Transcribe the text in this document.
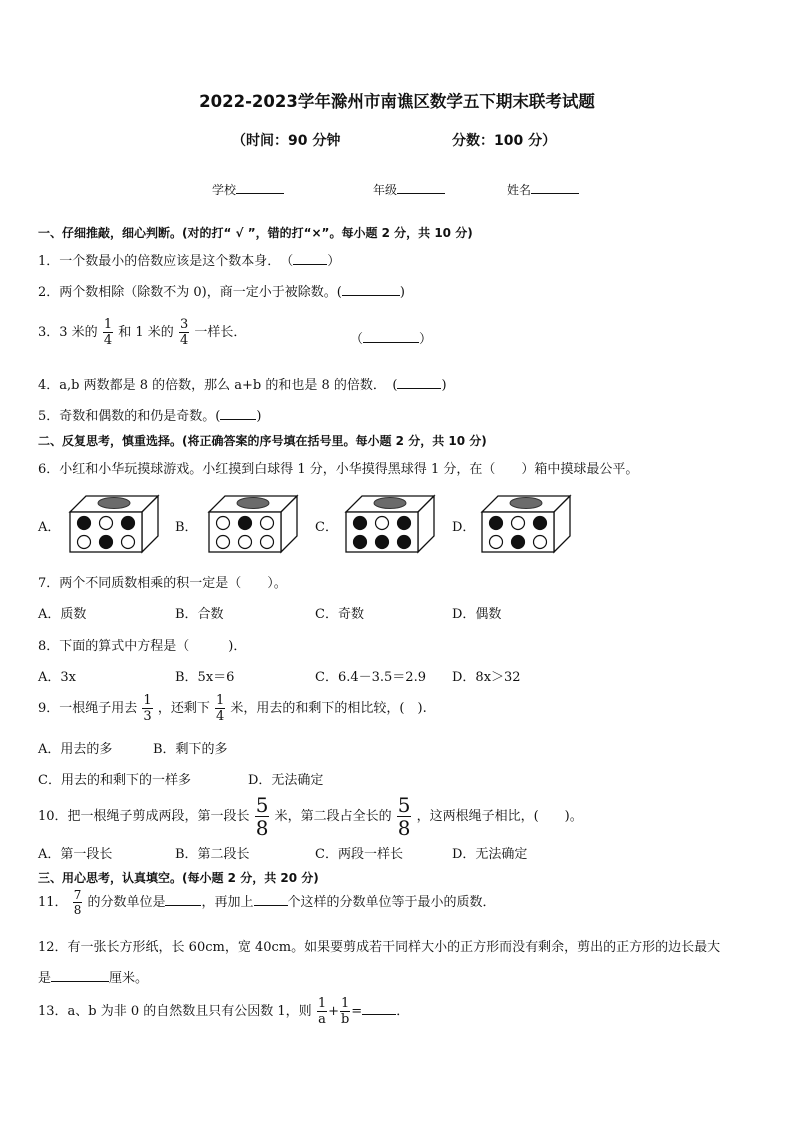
2022-2023学年滁州市南谯区数学五下期末联考试题
（时间：90 分钟	分数：100 分）
学校	年级	姓名
一、仔细推敲，细心判断。(对的打“ √ ”，错的打“×”。每小题 2 分，共 10 分)
1．一个数最小的倍数应该是这个数本身．　（	）
2．两个数相除（除数不为 0)，商一定小于被除数。(	)
3．3 米的 $\frac{1}{4}$ 和 1 米的 $\frac{3}{4}$ 一样长．	（	）
4．a,b 两数都是 8 的倍数，那么 a+b 的和也是 8 的倍数．　(	)
5．奇数和偶数的和仍是奇数。(	)
二、反复思考，慎重选择。(将正确答案的序号填在括号里。每小题 2 分，共 10 分)
6．小红和小华玩摸球游戏。小红摸到白球得 1 分，小华摸得黑球得 1 分，在（　　）箱中摸球最公平。
A．	B．	C．	D．
7．两个不同质数相乘的积一定是（　　）。
A．质数	B．合数	C．奇数	D．偶数
8．下面的算式中方程是（　　　)．
A．3x	B．5x＝6	C．6.4－3.5＝2.9 D．8x＞32
9．一根绳子用去 $\frac{1}{3}$ ，还剩下 $\frac{1}{4}$ 米，用去的和剩下的相比较，(　).
A．用去的多	B．剩下的多
C．用去的和剩下的一样多	D．无法确定
10．把一根绳子剪成两段，第一段长 $\frac{5}{8}$ 米，第二段占全长的 $\frac{5}{8}$ ，这两根绳子相比，(　　)。
A．第一段长	B．第二段长	C．两段一样长	D．无法确定
三、用心思考，认真填空。(每小题 2 分，共 20 分)
11． $\frac{7}{8}$ 的分数单位是	，再加上	个这样的分数单位等于最小的质数．
12．有一张长方形纸，长 60cm，宽 40cm。如果要剪成若干同样大小的正方形而没有剩余，剪出的正方形的边长最大
是	厘米。
13．a、b 为非 0 的自然数且只有公因数 1，则 $\frac{1}{a} + \frac{1}{b}$ =	．
